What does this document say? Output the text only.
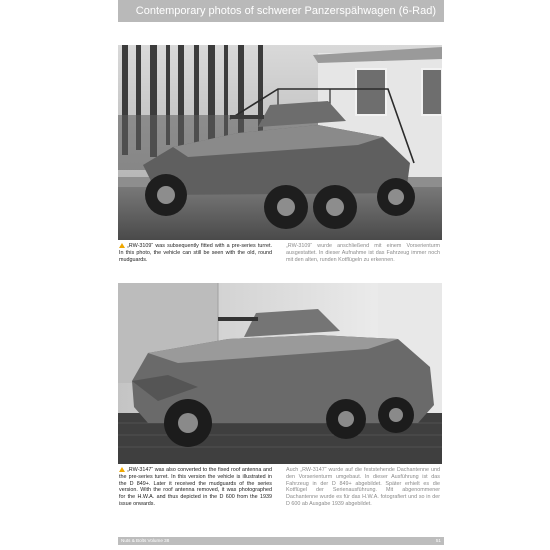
Contemporary photos of schwerer Panzerspähwagen (6-Rad)
„RW-3109“ was subsequently fitted with a pre-series turret. In this photo, the vehicle can still be seen with the old, round mudguards.
„RW-3109“ wurde anschließend mit einem Vorserienturm ausgestattet. In dieser Aufnahme ist das Fahrzeug immer noch mit den alten, runden Kotflügeln zu erkennen.
„RW-3147“ was also converted to the fixed roof antenna and the pre-series turret. In this version the vehicle is illustrated in the D 849+. Later it received the mudguards of the series version. With the roof antenna removed, it was photographed for the H.W.A. and thus depicted in the D 600 from the 1939 issue onwards.
Auch „RW-3147“ wurde auf die feststehende Dachantenne und den Vorserienturm umgebaut. In dieser Ausführung ist das Fahrzeug in der D 849+ abgebildet. Später erhielt es die Kotflügel der Serienausführung. Mit abgenommener Dachantenne wurde es für das H.W.A. fotografiert und so in der D 600 ab Ausgabe 1939 abgebildet.
Nuts & Bolts Volume 38	51
